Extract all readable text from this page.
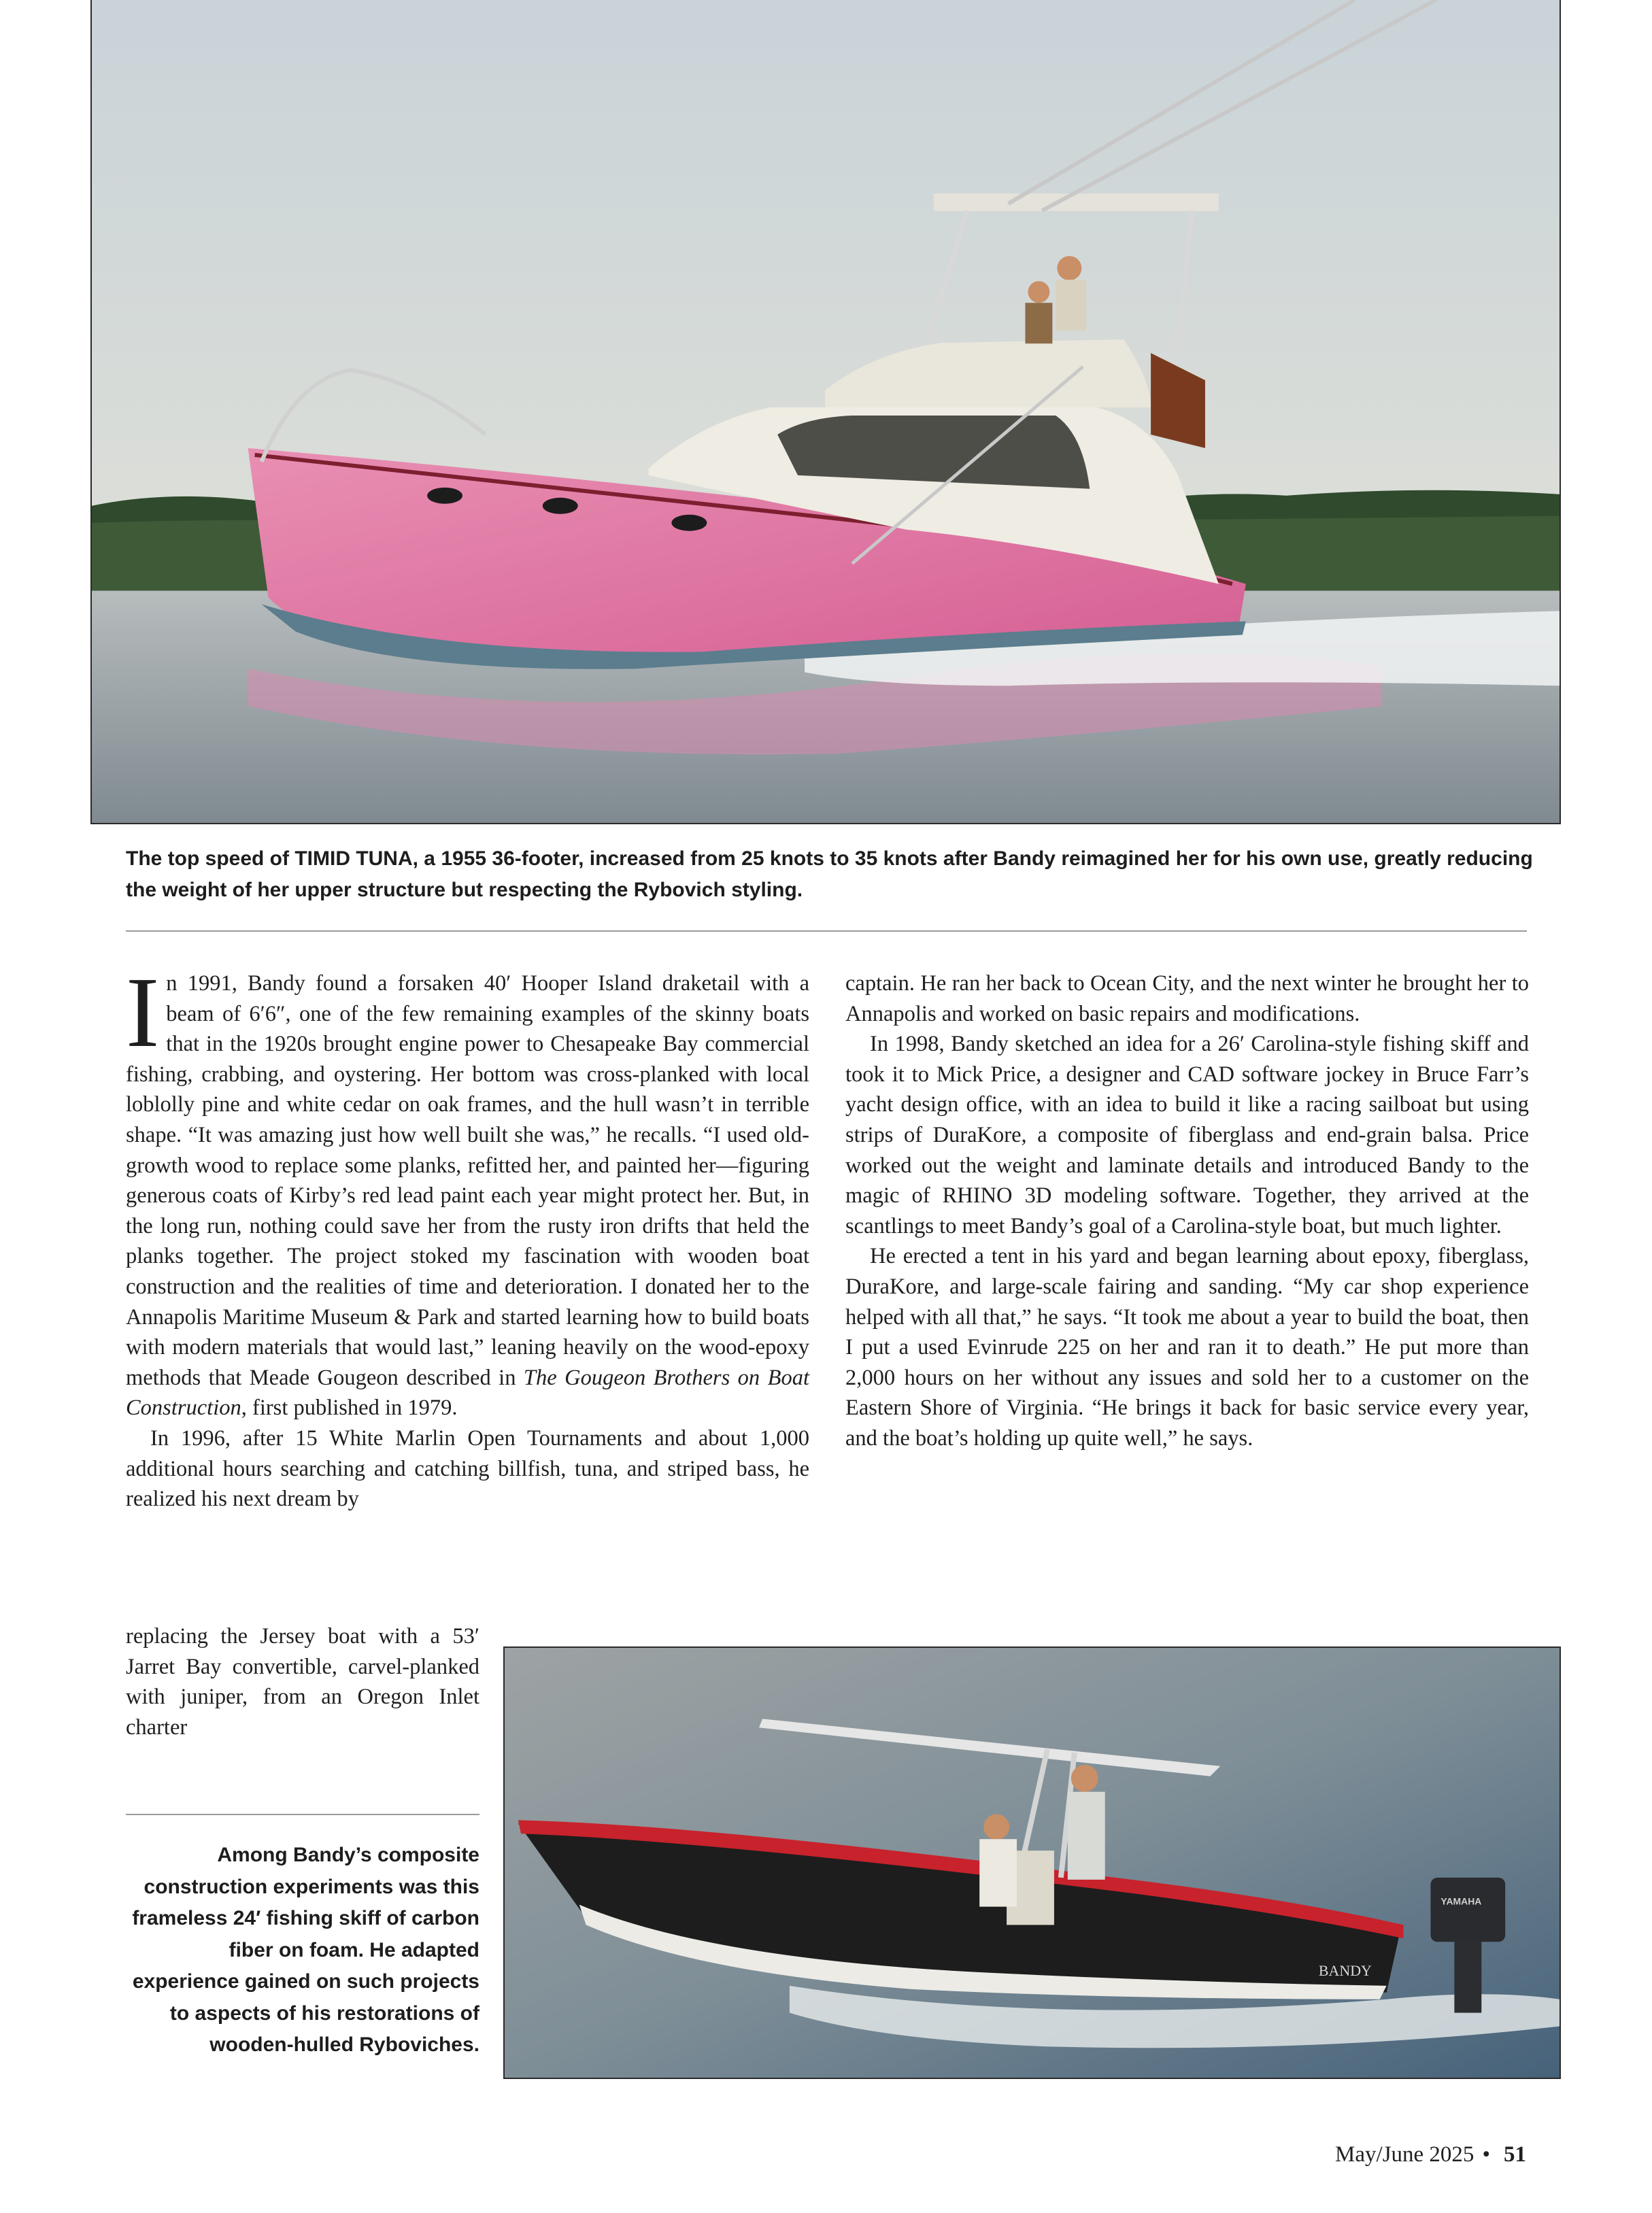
The top speed of TIMID TUNA, a 1955 36-footer, increased from 25 knots to 35 knots after Bandy reimagined her for his own use, greatly reducing the weight of her upper structure but respecting the Rybovich styling.

In 1991, Bandy found a forsaken 40′ Hooper Island draketail with a beam of 6′6″, one of the few remaining examples of the skinny boats that in the 1920s brought engine power to Chesapeake Bay commercial fishing, crabbing, and oystering. Her bottom was cross-planked with local loblolly pine and white cedar on oak frames, and the hull wasn’t in terrible shape. “It was amazing just how well built she was,” he recalls. “I used old-growth wood to replace some planks, refitted her, and painted her—figuring generous coats of Kirby’s red lead paint each year might protect her. But, in the long run, nothing could save her from the rusty iron drifts that held the planks together. The project stoked my fascination with wooden boat construction and the realities of time and deterioration. I donated her to the Annapolis Maritime Museum & Park and started learning how to build boats with modern materials that would last,” leaning heavily on the wood-epoxy methods that Meade Gougeon described in The Gougeon Brothers on Boat Construction, first published in 1979.

In 1996, after 15 White Marlin Open Tournaments and about 1,000 additional hours searching and catching billfish, tuna, and striped bass, he realized his next dream by

replacing the Jersey boat with a 53′ Jarret Bay convertible, carvel-planked with juniper, from an Oregon Inlet charter

captain. He ran her back to Ocean City, and the next winter he brought her to Annapolis and worked on basic repairs and modifications.

In 1998, Bandy sketched an idea for a 26′ Carolina-style fishing skiff and took it to Mick Price, a designer and CAD software jockey in Bruce Farr’s yacht design office, with an idea to build it like a racing sailboat but using strips of DuraKore, a composite of fiberglass and end-grain balsa. Price worked out the weight and laminate details and introduced Bandy to the magic of RHINO 3D modeling software. Together, they arrived at the scantlings to meet Bandy’s goal of a Carolina-style boat, but much lighter.

He erected a tent in his yard and began learning about epoxy, fiberglass, DuraKore, and large-scale fairing and sanding. “My car shop experience helped with all that,” he says. “It took me about a year to build the boat, then I put a used Evinrude 225 on her and ran it to death.” He put more than 2,000 hours on her without any issues and sold her to a customer on the Eastern Shore of Virginia. “He brings it back for basic service every year, and the boat’s holding up quite well,” he says.

Among Bandy’s composite construction experiments was this frameless 24′ fishing skiff of carbon fiber on foam. He adapted experience gained on such projects to aspects of his restorations of wooden-hulled Ryboviches.
BANDY
YAMAHA
May/June 2025 • 51
